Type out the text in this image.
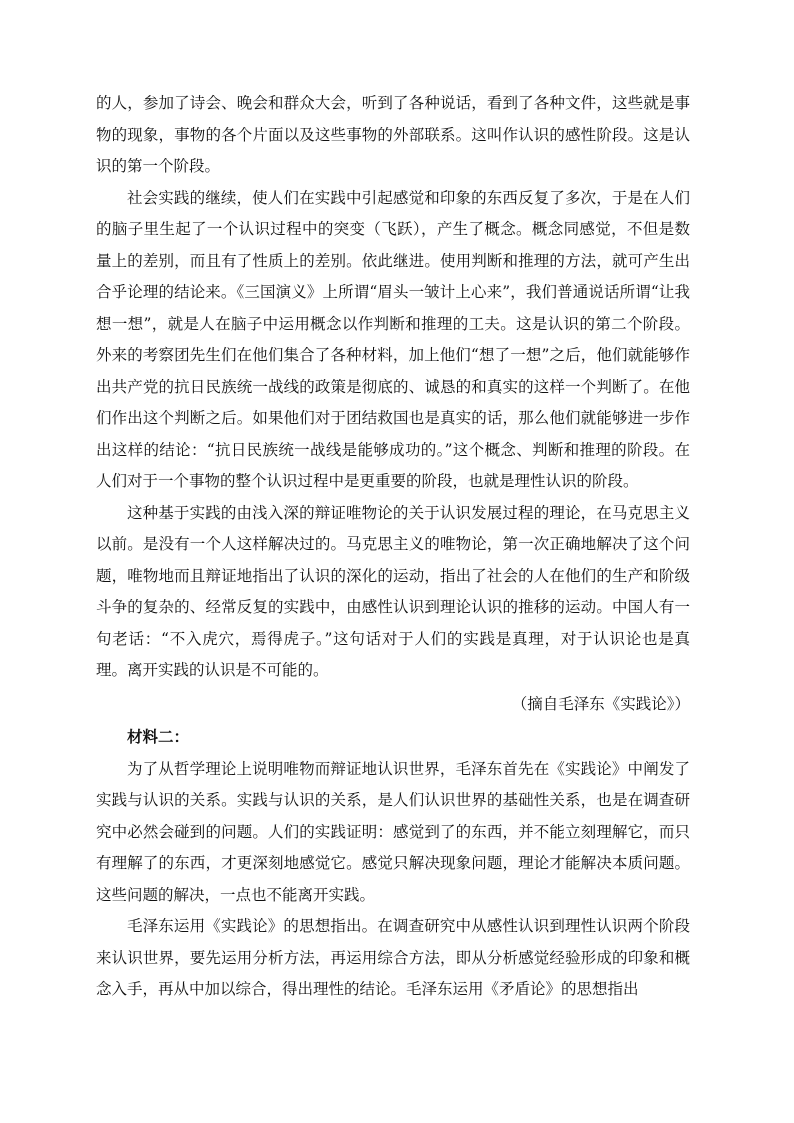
的人，参加了诗会、晚会和群众大会，听到了各种说话，看到了各种文件，这些就是事物的现象，事物的各个片面以及这些事物的外部联系。这叫作认识的感性阶段。这是认识的第一个阶段。

社会实践的继续，使人们在实践中引起感觉和印象的东西反复了多次，于是在人们的脑子里生起了一个认识过程中的突变（飞跃），产生了概念。概念同感觉，不但是数量上的差别，而且有了性质上的差别。依此继进。使用判断和推理的方法，就可产生出合乎论理的结论来。《三国演义》上所谓“眉头一皱计上心来”，我们普通说话所谓“让我想一想”，就是人在脑子中运用概念以作判断和推理的工夫。这是认识的第二个阶段。外来的考察团先生们在他们集合了各种材料，加上他们“想了一想”之后，他们就能够作出共产党的抗日民族统一战线的政策是彻底的、诚恳的和真实的这样一个判断了。在他们作出这个判断之后。如果他们对于团结救国也是真实的话，那么他们就能够进一步作出这样的结论：“抗日民族统一战线是能够成功的。”这个概念、判断和推理的阶段。在人们对于一个事物的整个认识过程中是更重要的阶段，也就是理性认识的阶段。

这种基于实践的由浅入深的辩证唯物论的关于认识发展过程的理论，在马克思主义以前。是没有一个人这样解决过的。马克思主义的唯物论，第一次正确地解决了这个问题，唯物地而且辩证地指出了认识的深化的运动，指出了社会的人在他们的生产和阶级斗争的复杂的、经常反复的实践中，由感性认识到理论认识的推移的运动。中国人有一句老话：“不入虎穴，焉得虎子。”这句话对于人们的实践是真理，对于认识论也是真理。离开实践的认识是不可能的。

（摘自毛泽东《实践论》）

材料二：

为了从哲学理论上说明唯物而辩证地认识世界，毛泽东首先在《实践论》中阐发了实践与认识的关系。实践与认识的关系，是人们认识世界的基础性关系，也是在调查研究中必然会碰到的问题。人们的实践证明：感觉到了的东西，并不能立刻理解它，而只有理解了的东西，才更深刻地感觉它。感觉只解决现象问题，理论才能解决本质问题。这些问题的解决，一点也不能离开实践。

毛泽东运用《实践论》的思想指出。在调查研究中从感性认识到理性认识两个阶段来认识世界，要先运用分析方法，再运用综合方法，即从分析感觉经验形成的印象和概念入手，再从中加以综合，得出理性的结论。毛泽东运用《矛盾论》的思想指出
